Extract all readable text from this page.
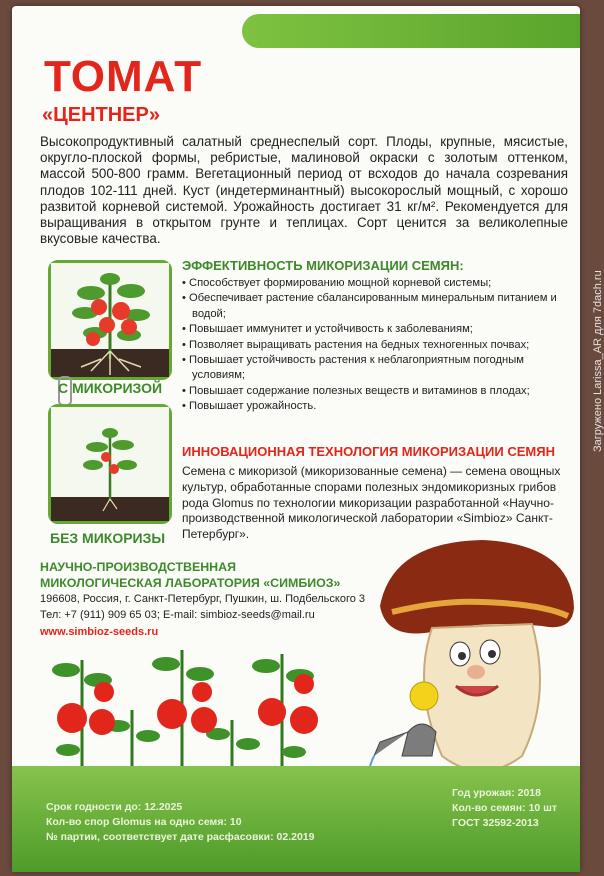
ТОМАТ
«ЦЕНТНЕР»
Высокопродуктивный салатный среднеспелый сорт. Плоды, крупные, мясистые, округло-плоской формы, ребристые, малиновой окраски с золотым оттенком, массой 500-800 грамм. Вегетационный период от всходов до начала созревания плодов 102-111 дней. Куст (индетерминантный) высокорослый мощный, с хорошо развитой корневой системой. Урожайность достигает 31 кг/м². Рекомендуется для выращивания в открытом грунте и теплицах. Сорт ценится за великолепные вкусовые качества.
С МИКОРИЗОЙ
БЕЗ МИКОРИЗЫ
ЭФФЕКТИВНОСТЬ МИКОРИЗАЦИИ СЕМЯН:
• Способствует формированию мощной корневой системы;
• Обеспечивает растение сбалансированным минеральным питанием и водой;
• Повышает иммунитет и устойчивость к заболеваниям;
• Позволяет выращивать растения на бедных техногенных почвах;
• Повышает устойчивость растения к неблагоприятным погодным условиям;
• Повышает содержание полезных веществ и витаминов в плодах;
• Повышает урожайность.
ИННОВАЦИОННАЯ ТЕХНОЛОГИЯ МИКОРИЗАЦИИ СЕМЯН
Семена с микоризой (микоризованные семена) — семена овощных культур, обработанные спорами полезных эндомикоризных грибов рода Glomus по технологии микоризации разработанной «Научно-производственной микологической лаборатории «Simbioz» Санкт-Петербург».
НАУЧНО-ПРОИЗВОДСТВЕННАЯ
МИКОЛОГИЧЕСКАЯ ЛАБОРАТОРИЯ «СИМБИОЗ»
196608, Россия, г. Санкт-Петербург, Пушкин, ш. Подбельского 3
Тел: +7 (911) 909 65 03; E-mail: simbioz-seeds@mail.ru
www.simbioz-seeds.ru
Срок годности до: 12.2025
Кол-во спор Glomus на одно семя: 10
№ партии, соответствует дате расфасовки: 02.2019
Год урожая: 2018
Кол-во семян: 10 шт
ГОСТ 32592-2013
Загружено Larissa_AR для 7dach.ru
